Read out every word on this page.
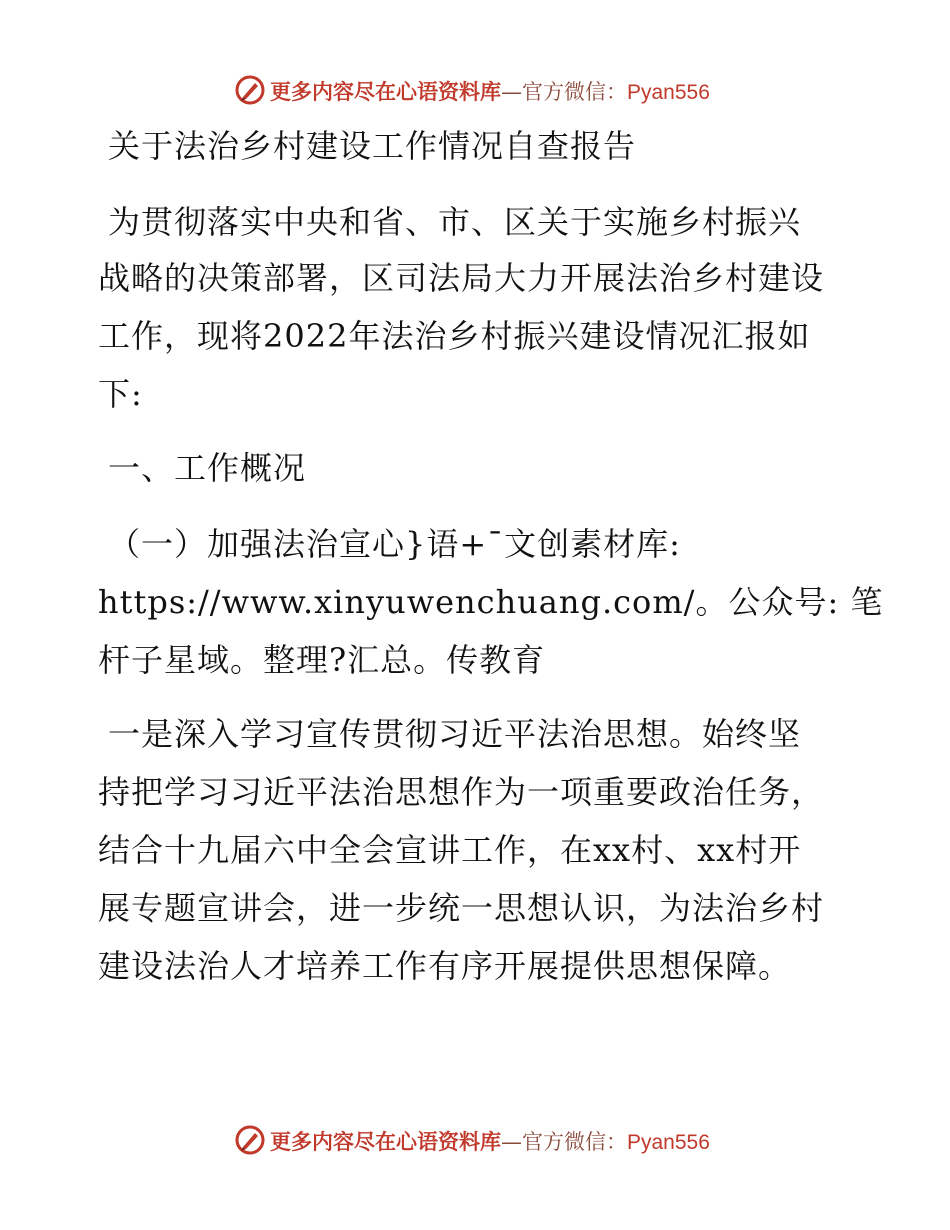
更多内容尽在心语资料库—官方微信：Pyan556
关于法治乡村建设工作情况自查报告
为贯彻落实中央和省、市、区关于实施乡村振兴
战略的决策部署，区司法局大力开展法治乡村建设
工作，现将2022年法治乡村振兴建设情况汇报如
下:
一、工作概况
（一）加强法治宣心}语+¯文创素材库:
https://www.xinyuwenchuang.com/。公众号: 笔
杆子星域。整理?汇总。传教育
一是深入学习宣传贯彻习近平法治思想。始终坚
持把学习习近平法治思想作为一项重要政治任务，
结合十九届六中全会宣讲工作，在xx村、xx村开
展专题宣讲会，进一步统一思想认识，为法治乡村
建设法治人才培养工作有序开展提供思想保障。
更多内容尽在心语资料库—官方微信：Pyan556
